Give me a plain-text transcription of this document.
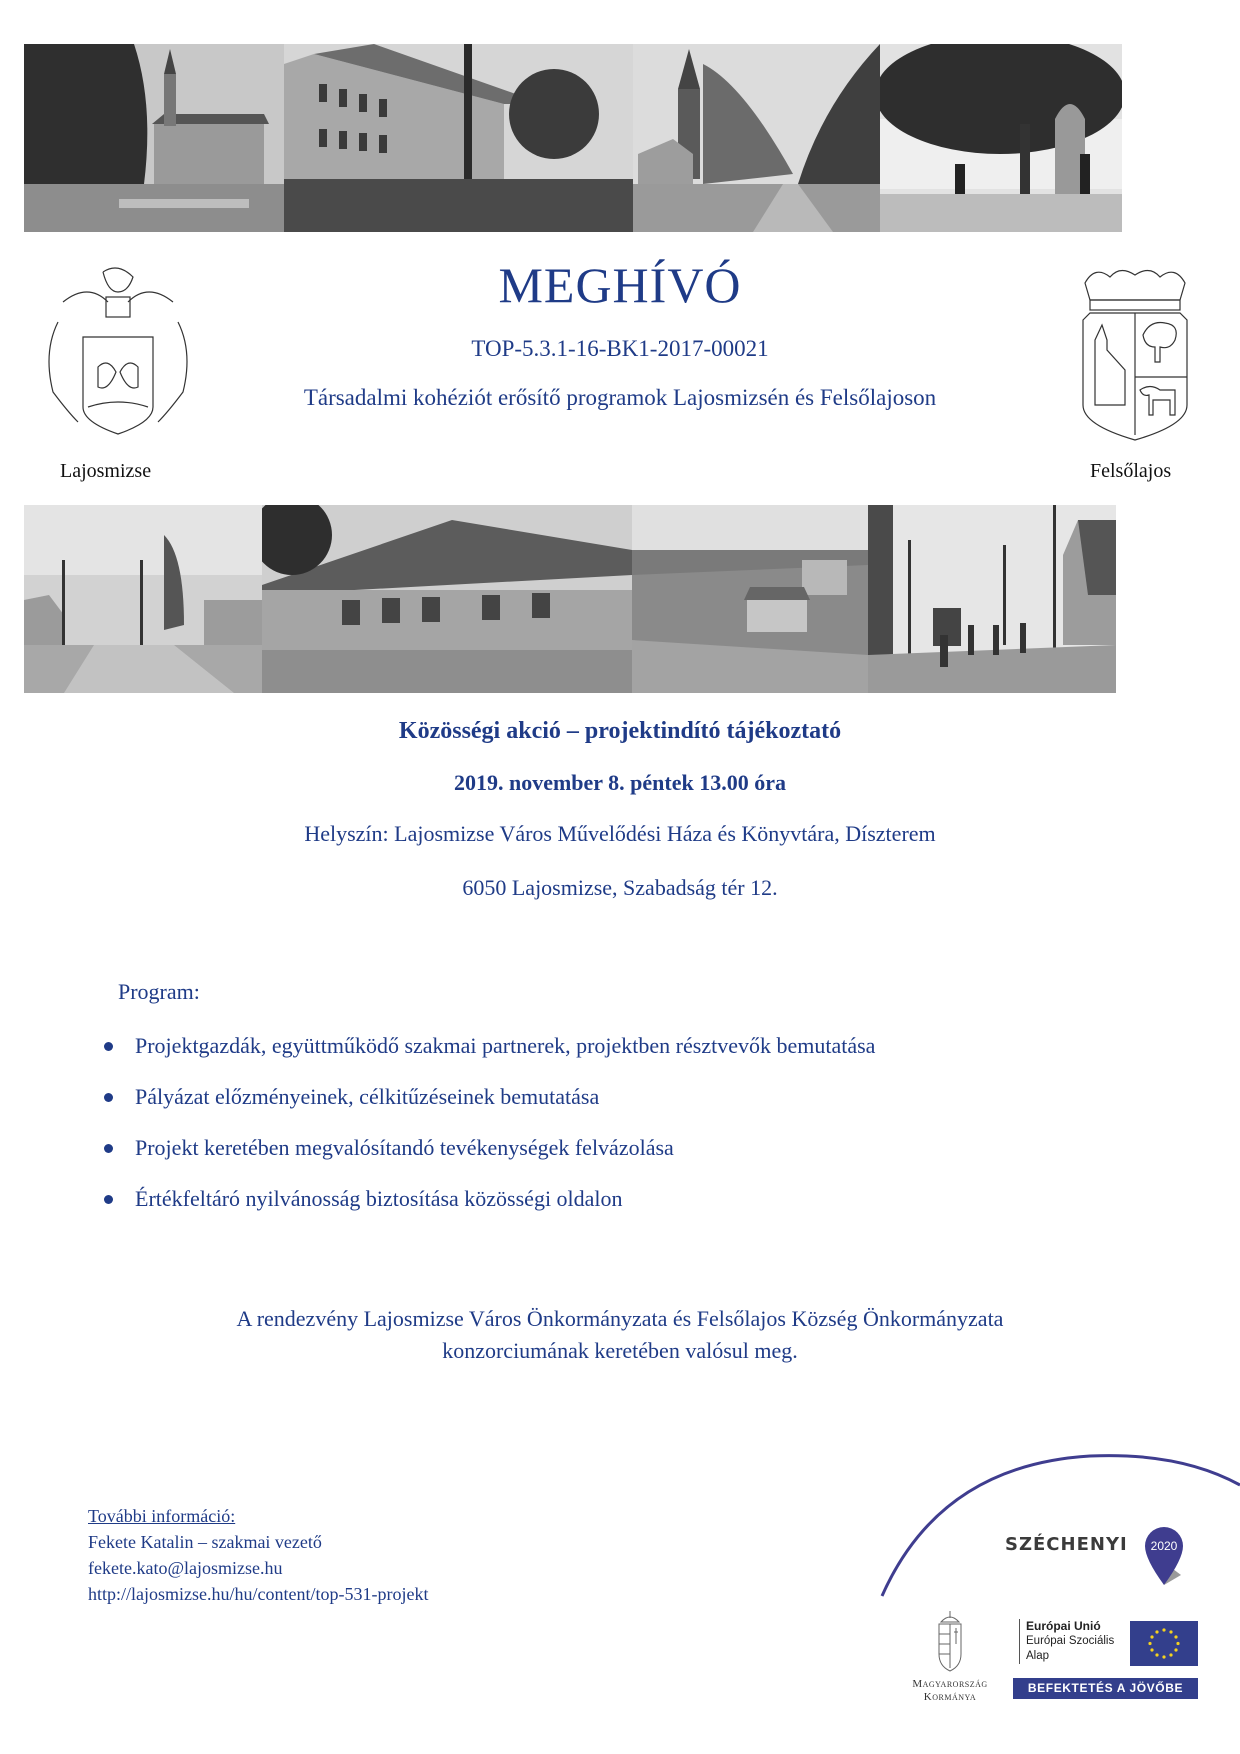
Lajosmizse	Felsőlajos
MEGHÍVÓ
TOP-5.3.1-16-BK1-2017-00021
Társadalmi kohéziót erősítő programok Lajosmizsén és Felsőlajoson
Közösségi akció – projektindító tájékoztató
2019. november 8. péntek 13.00 óra
Helyszín: Lajosmizse Város Művelődési Háza és Könyvtára, Díszterem
6050 Lajosmizse, Szabadság tér 12.
Program:
Projektgazdák, együttműködő szakmai partnerek, projektben résztvevők bemutatása
Pályázat előzményeinek, célkitűzéseinek bemutatása
Projekt keretében megvalósítandó tevékenységek felvázolása
Értékfeltáró nyilvánosság biztosítása közösségi oldalon
A rendezvény Lajosmizse Város Önkormányzata és Felsőlajos Község Önkormányzata
konzorciumának keretében valósul meg.
További információ:
Fekete Katalin – szakmai vezető
fekete.kato@lajosmizse.hu
http://lajosmizse.hu/hu/content/top-531-projekt
SZÉCHENYI	2020
Magyarország
Kormánya
Európai Unió
Európai Szociális
Alap
BEFEKTETÉS A JÖVŐBE
